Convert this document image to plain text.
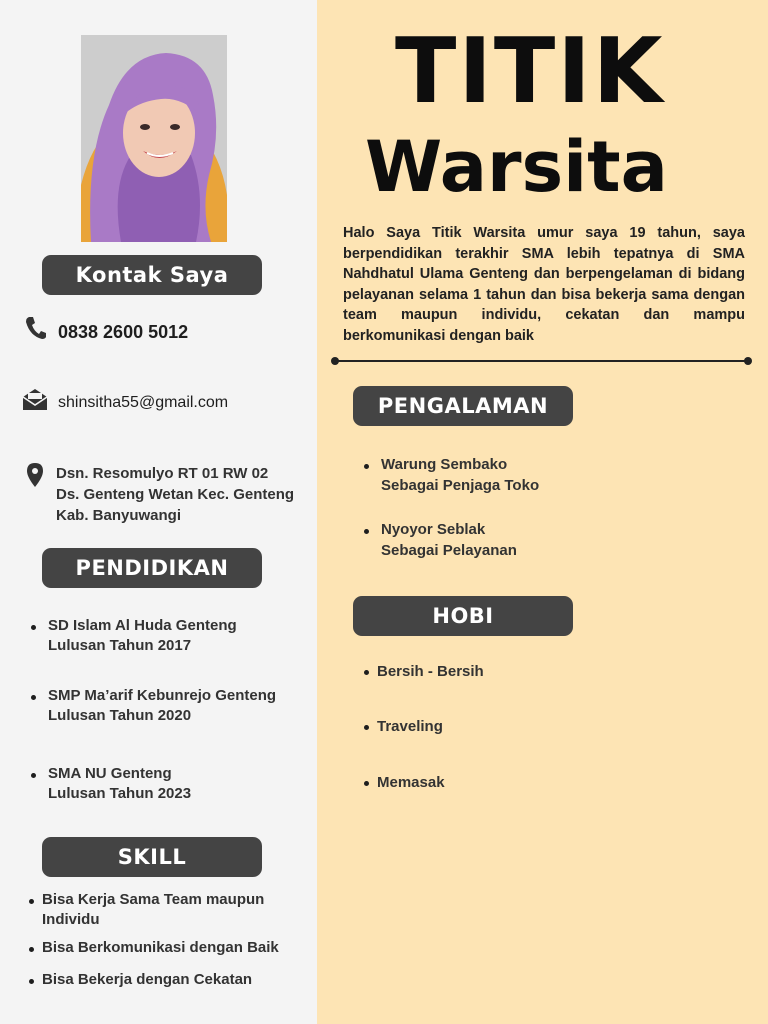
Kontak Saya
0838 2600 5012
shinsitha55@gmail.com
Dsn. Resomulyo RT 01 RW 02
Ds. Genteng Wetan Kec. Genteng
Kab. Banyuwangi
PENDIDIKAN
SD Islam Al Huda Genteng
Lulusan Tahun 2017
SMP Ma’arif Kebunrejo Genteng
Lulusan Tahun 2020
SMA NU Genteng
Lulusan Tahun 2023
SKILL
Bisa Kerja Sama Team maupun
Individu
Bisa Berkomunikasi dengan Baik
Bisa Bekerja dengan Cekatan
TITIK
Warsita
Halo Saya Titik Warsita umur saya 19 tahun, saya berpendidikan terakhir SMA lebih tepatnya di SMA Nahdhatul Ulama Genteng dan berpengelaman di bidang pelayanan selama 1 tahun dan bisa bekerja sama dengan team maupun individu, cekatan dan mampu berkomunikasi dengan baik
PENGALAMAN
Warung Sembako
Sebagai Penjaga Toko
Nyoyor Seblak
Sebagai Pelayanan
HOBI
Bersih - Bersih
Traveling
Memasak
